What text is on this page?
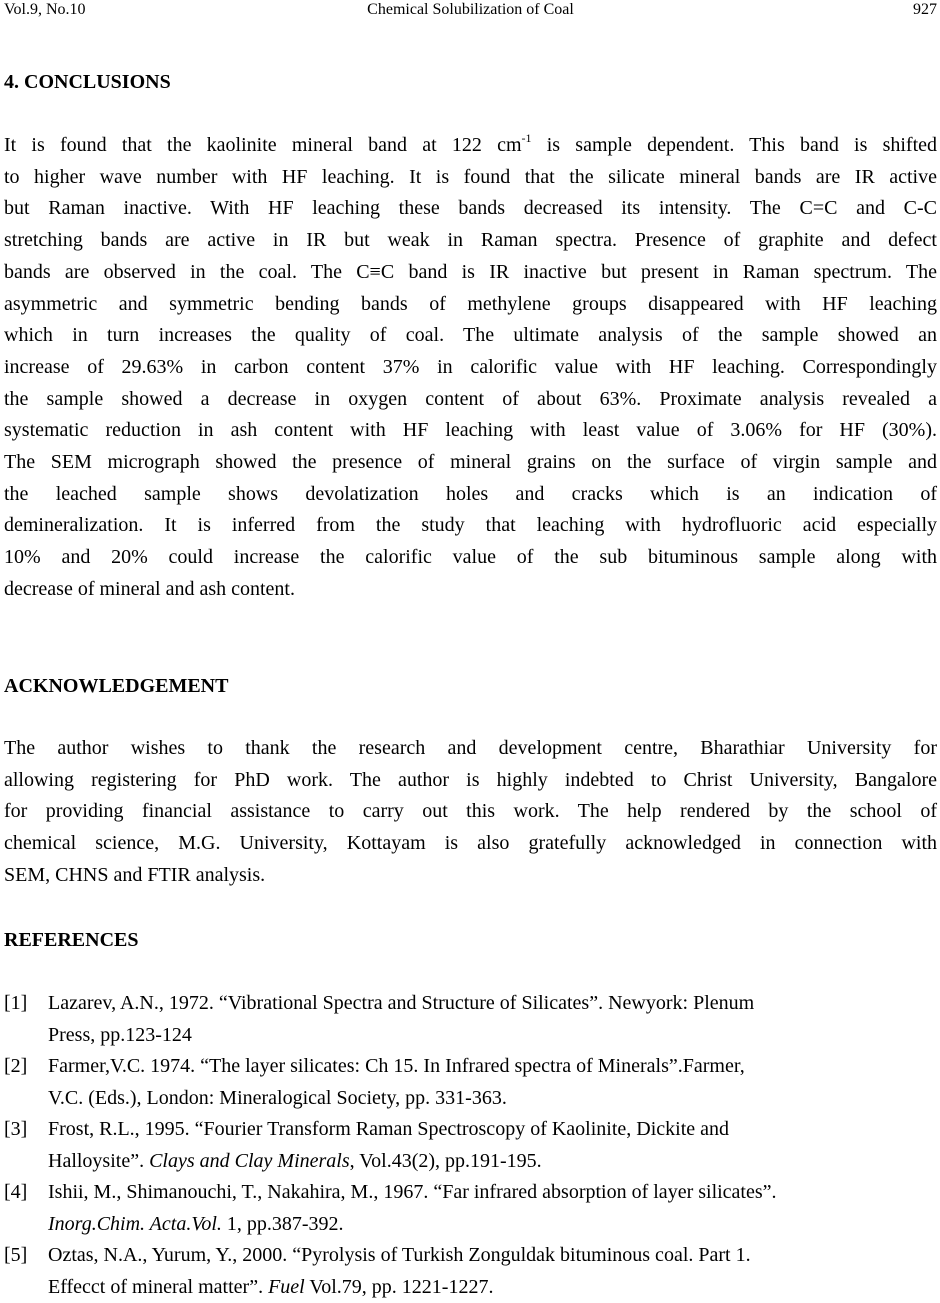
Vol.9, No.10	Chemical Solubilization of Coal	927
4. CONCLUSIONS
It is found that the kaolinite mineral band at 122 $cm^{-1}$ is sample dependent. This band is shifted
to higher wave number with HF leaching. It is found that the silicate mineral bands are IR active
but Raman inactive. With HF leaching these bands decreased its intensity. The C=C and C-C
stretching bands are active in IR but weak in Raman spectra. Presence of graphite and defect
bands are observed in the coal. The C≡C band is IR inactive but present in Raman spectrum. The
asymmetric and symmetric bending bands of methylene groups disappeared with HF leaching
which in turn increases the quality of coal. The ultimate analysis of the sample showed an
increase of 29.63% in carbon content 37% in calorific value with HF leaching. Correspondingly
the sample showed a decrease in oxygen content of about 63%. Proximate analysis revealed a
systematic reduction in ash content with HF leaching with least value of 3.06% for HF (30%).
The SEM micrograph showed the presence of mineral grains on the surface of virgin sample and
the leached sample shows devolatization holes and cracks which is an indication of
demineralization. It is inferred from the study that leaching with hydrofluoric acid especially
10% and 20% could increase the calorific value of the sub bituminous sample along with
decrease of mineral and ash content.
ACKNOWLEDGEMENT
The author wishes to thank the research and development centre, Bharathiar University for
allowing registering for PhD work. The author is highly indebted to Christ University, Bangalore
for providing financial assistance to carry out this work. The help rendered by the school of
chemical science, M.G. University, Kottayam is also gratefully acknowledged in connection with
SEM, CHNS and FTIR analysis.
REFERENCES
[1] Lazarev, A.N., 1972. “Vibrational Spectra and Structure of Silicates”. Newyork: Plenum
Press, pp.123-124
[2] Farmer,V.C. 1974. “The layer silicates: Ch 15. In Infrared spectra of Minerals”.Farmer,
V.C. (Eds.), London: Mineralogical Society, pp. 331-363.
[3] Frost, R.L., 1995. “Fourier Transform Raman Spectroscopy of Kaolinite, Dickite and
Halloysite”. Clays and Clay Minerals, Vol.43(2), pp.191-195.
[4] Ishii, M., Shimanouchi, T., Nakahira, M., 1967. “Far infrared absorption of layer silicates”.
Inorg.Chim. Acta.Vol. 1, pp.387-392.
[5] Oztas, N.A., Yurum, Y., 2000. “Pyrolysis of Turkish Zonguldak bituminous coal. Part 1.
Effecct of mineral matter”. Fuel Vol.79, pp. 1221-1227.
